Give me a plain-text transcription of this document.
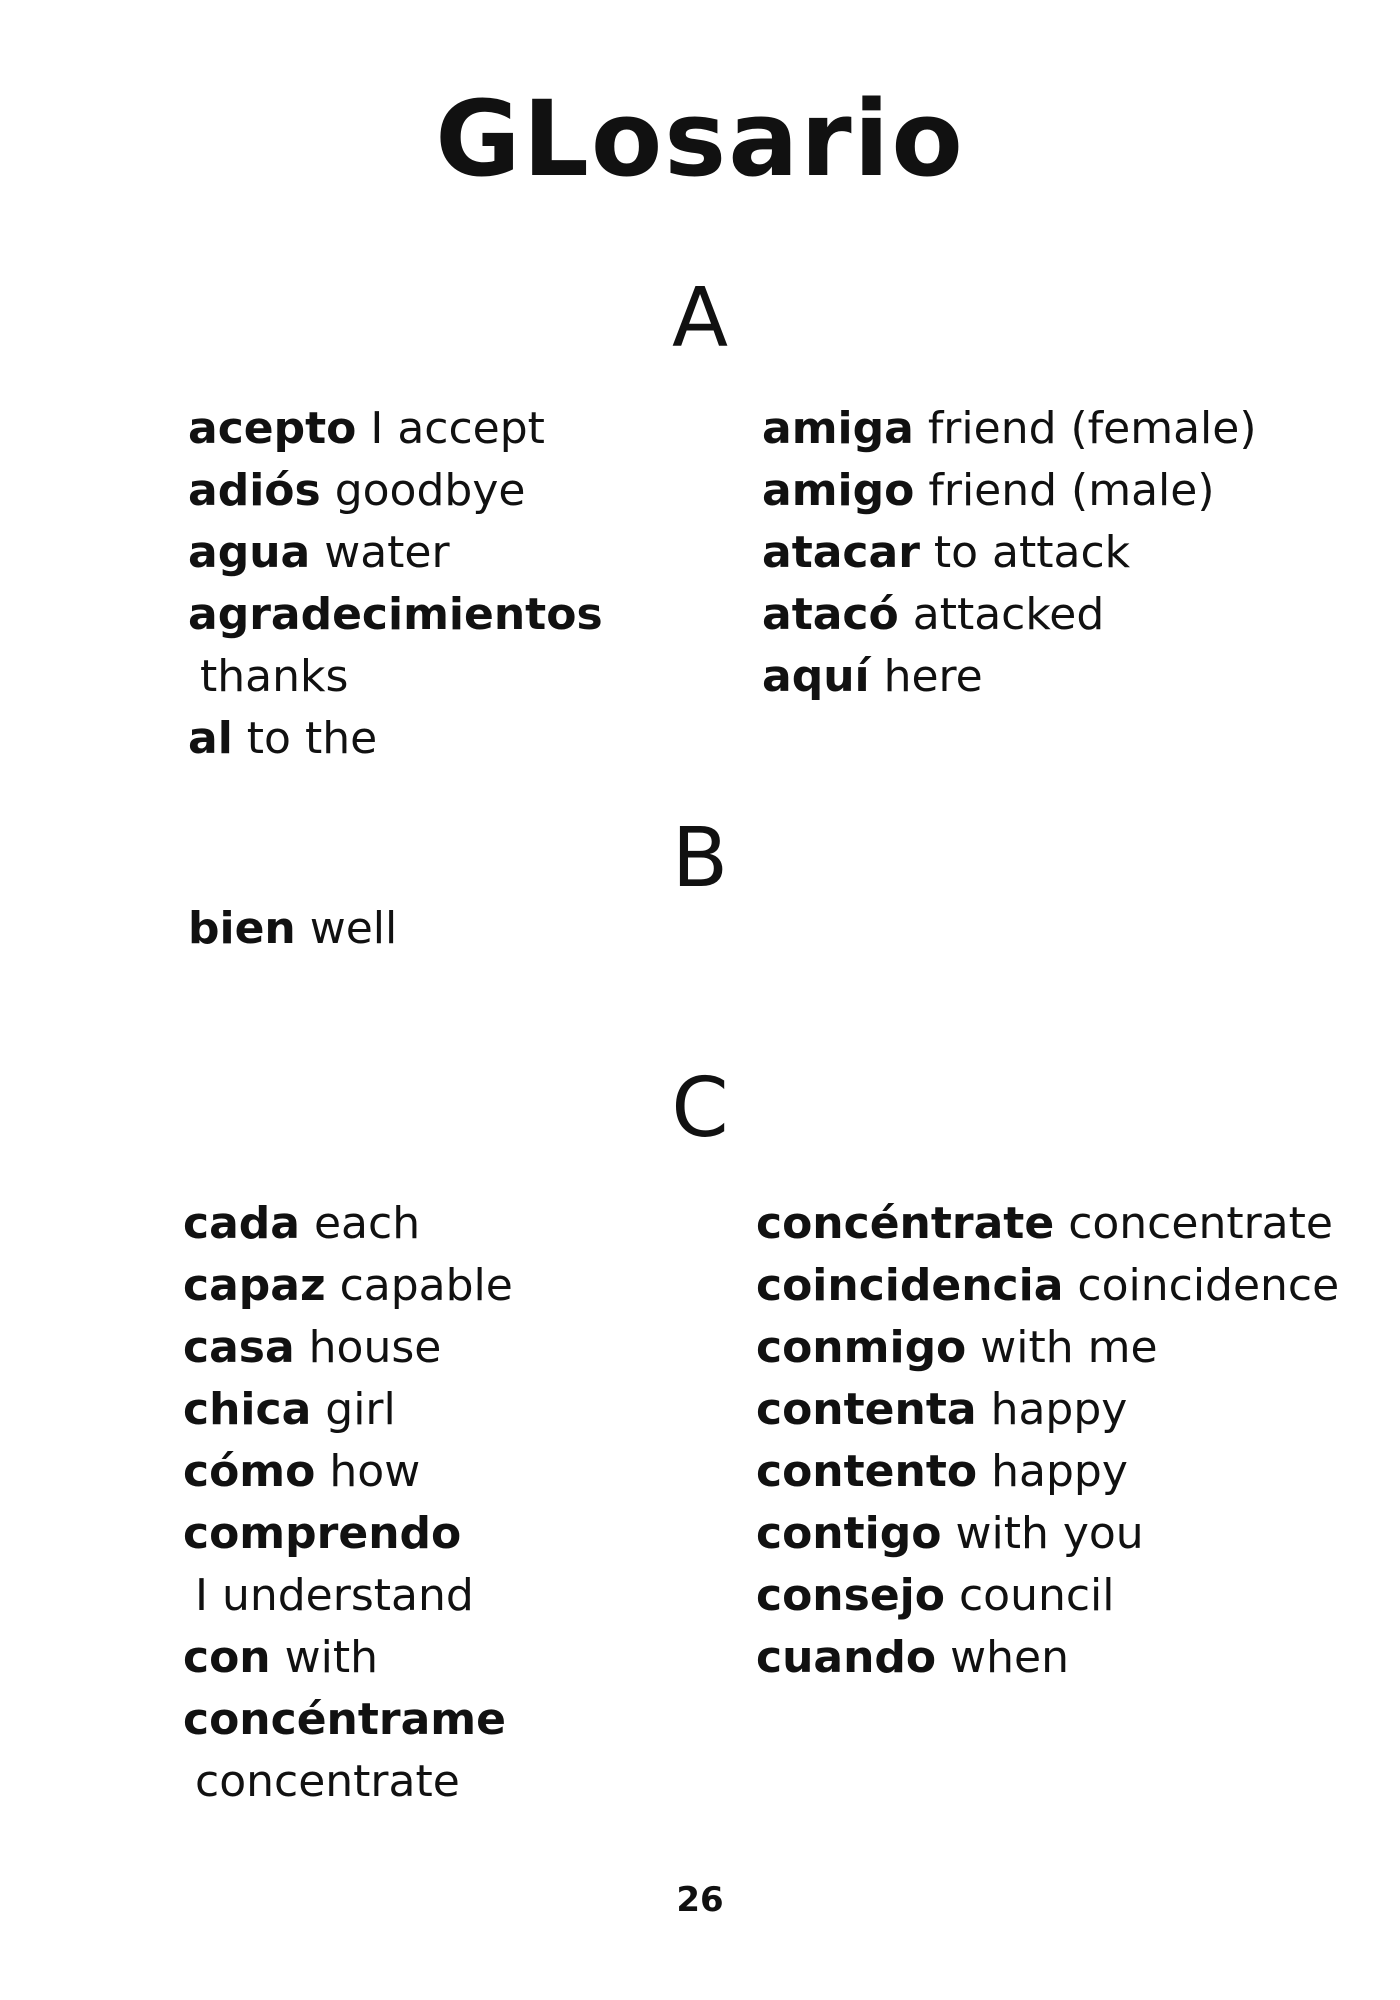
GLosario
A
acepto I accept
adiós goodbye
agua water
agradecimientos
thanks
al to the
amiga friend (female)
amigo friend (male)
atacar to attack
atacó attacked
aquí here
B
bien well
C
cada each
capaz capable
casa house
chica girl
cómo how
comprendo
I understand
con with
concéntrame
concentrate
concéntrate concentrate
coincidencia coincidence
conmigo with me
contenta happy
contento happy
contigo with you
consejo council
cuando when
26
